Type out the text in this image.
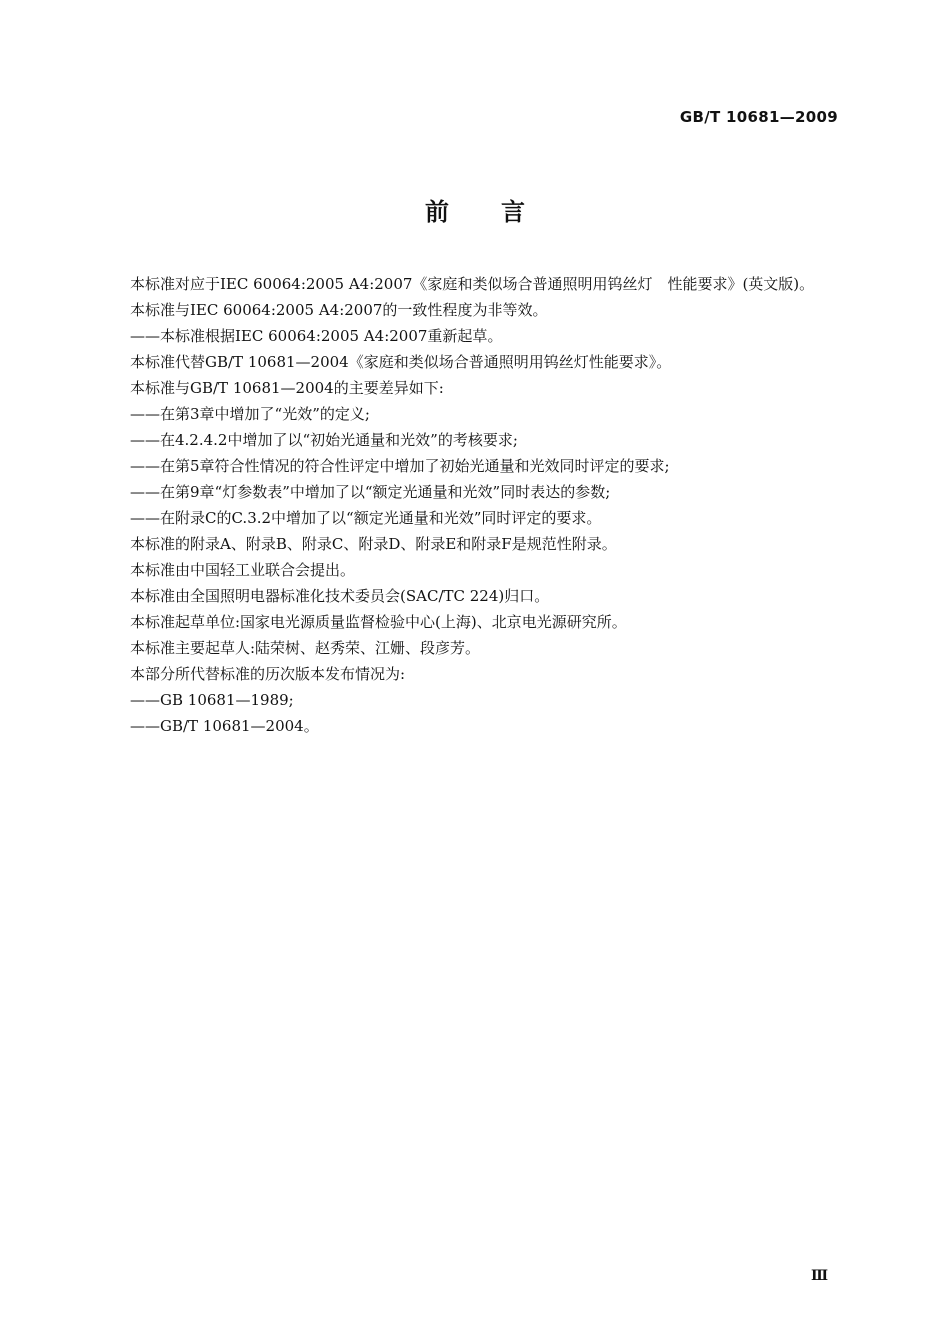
GB/T 10681—2009
前言

本标准对应于IEC 60064:2005 A4:2007《家庭和类似场合普通照明用钨丝灯　性能要求》(英文版)。

本标准与IEC 60064:2005 A4:2007的一致性程度为非等效。

——本标准根据IEC 60064:2005 A4:2007重新起草。

本标准代替GB/T 10681—2004《家庭和类似场合普通照明用钨丝灯性能要求》。

本标准与GB/T 10681—2004的主要差异如下:

——在第3章中增加了“光效”的定义;

——在4.2.4.2中增加了以“初始光通量和光效”的考核要求;

——在第5章符合性情况的符合性评定中增加了初始光通量和光效同时评定的要求;

——在第9章“灯参数表”中增加了以“额定光通量和光效”同时表达的参数;

——在附录C的C.3.2中增加了以“额定光通量和光效”同时评定的要求。

本标准的附录A、附录B、附录C、附录D、附录E和附录F是规范性附录。

本标准由中国轻工业联合会提出。

本标准由全国照明电器标准化技术委员会(SAC/TC 224)归口。

本标准起草单位:国家电光源质量监督检验中心(上海)、北京电光源研究所。

本标准主要起草人:陆荣树、赵秀荣、江姗、段彦芳。

本部分所代替标准的历次版本发布情况为:

——GB 10681—1989;

——GB/T 10681—2004。

Ⅲ
